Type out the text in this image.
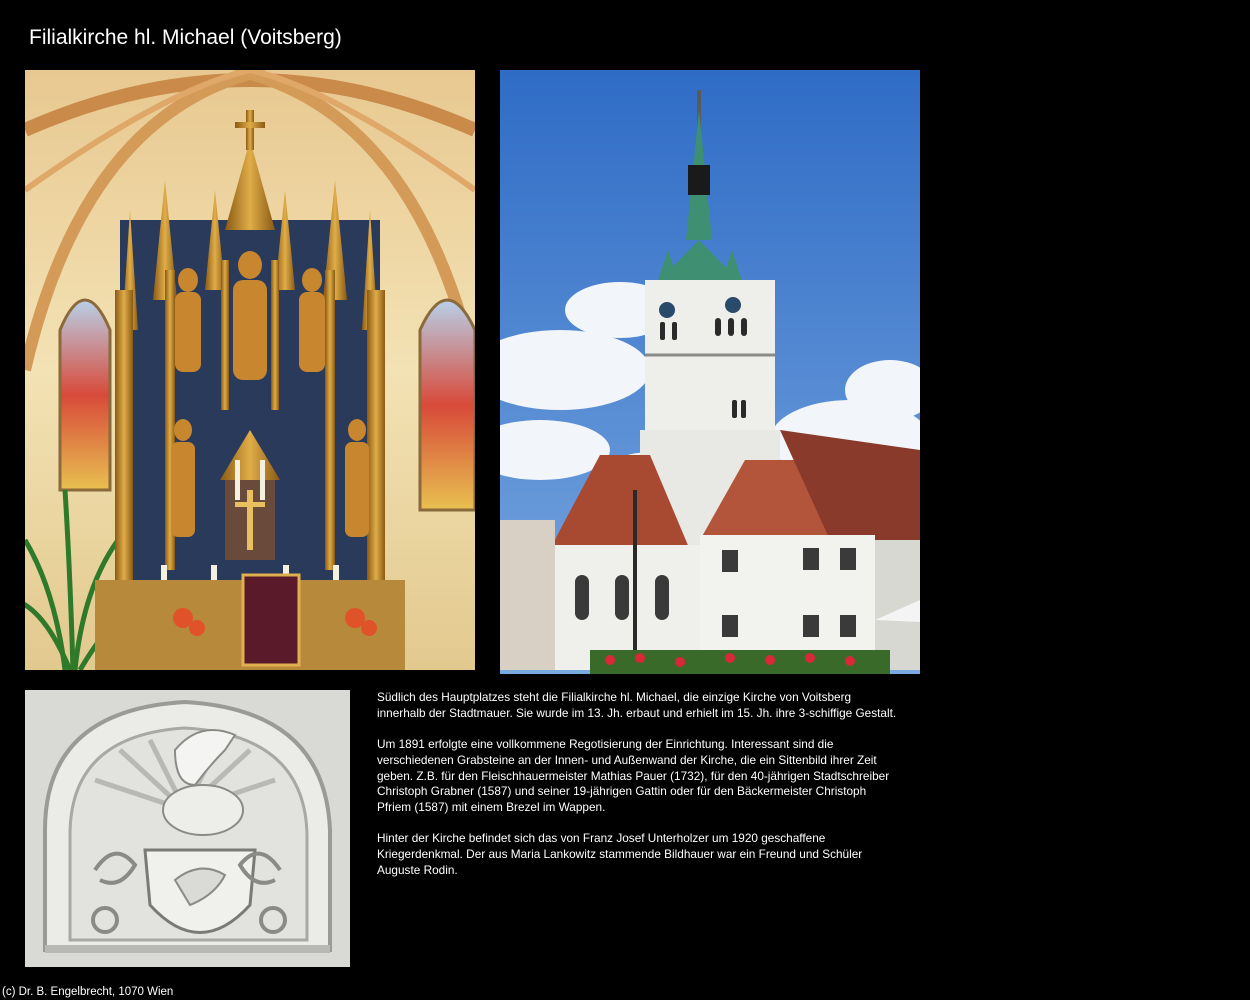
Filialkirche hl. Michael (Voitsberg)

Südlich des Hauptplatzes steht die Filialkirche hl. Michael, die einzige Kirche von Voitsberg innerhalb der Stadtmauer. Sie wurde im 13. Jh. erbaut und erhielt im 15. Jh. ihre 3-schiffige Gestalt.

Um 1891 erfolgte eine vollkommene Regotisierung der Einrichtung. Interessant sind die verschiedenen Grabsteine an der Innen- und Außenwand der Kirche, die ein Sittenbild ihrer Zeit geben. Z.B. für den Fleischhauermeister Mathias Pauer (1732), für den 40-jährigen Stadtschreiber Christoph Grabner (1587) und seiner 19-jährigen Gattin oder für den Bäckermeister Christoph Pfriem (1587) mit einem Brezel im Wappen.

Hinter der Kirche befindet sich das von Franz Josef Unterholzer um 1920 geschaffene Kriegerdenkmal. Der aus Maria Lankowitz stammende Bildhauer war ein Freund und Schüler Auguste Rodin.

(c) Dr. B. Engelbrecht, 1070 Wien
